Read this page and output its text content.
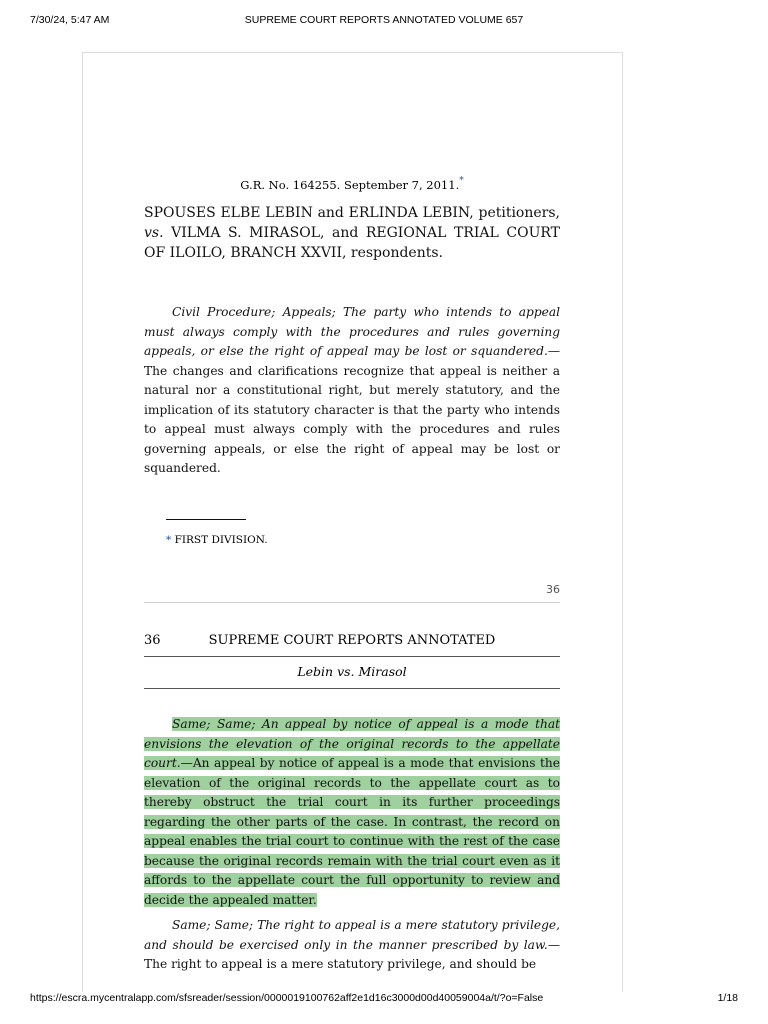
7/30/24, 5:47 AM	SUPREME COURT REPORTS ANNOTATED VOLUME 657
G.R. No. 164255. September 7, 2011.*
SPOUSES ELBE LEBIN and ERLINDA LEBIN, petitioners, vs. VILMA S. MIRASOL, and REGIONAL TRIAL COURT OF ILOILO, BRANCH XXVII, respondents.

Civil Procedure; Appeals; The party who intends to appeal must always comply with the procedures and rules governing appeals, or else the right of appeal may be lost or squandered.—The changes and clarifications recognize that appeal is neither a natural nor a constitutional right, but merely statutory, and the implication of its statutory character is that the party who intends to appeal must always comply with the procedures and rules governing appeals, or else the right of appeal may be lost or squandered.

* FIRST DIVISION.
36
36	SUPREME COURT REPORTS ANNOTATED
Lebin vs. Mirasol

Same; Same; An appeal by notice of appeal is a mode that envisions the elevation of the original records to the appellate court.—An appeal by notice of appeal is a mode that envisions the elevation of the original records to the appellate court as to thereby obstruct the trial court in its further proceedings regarding the other parts of the case. In contrast, the record on appeal enables the trial court to continue with the rest of the case because the original records remain with the trial court even as it affords to the appellate court the full opportunity to review and decide the appealed matter.

Same; Same; The right to appeal is a mere statutory privilege, and should be exercised only in the manner prescribed by law.—The right to appeal is a mere statutory privilege, and should be

https://escra.mycentralapp.com/sfsreader/session/0000019100762aff2e1d16c3000d00d40059004a/t/?o=False	1/18
